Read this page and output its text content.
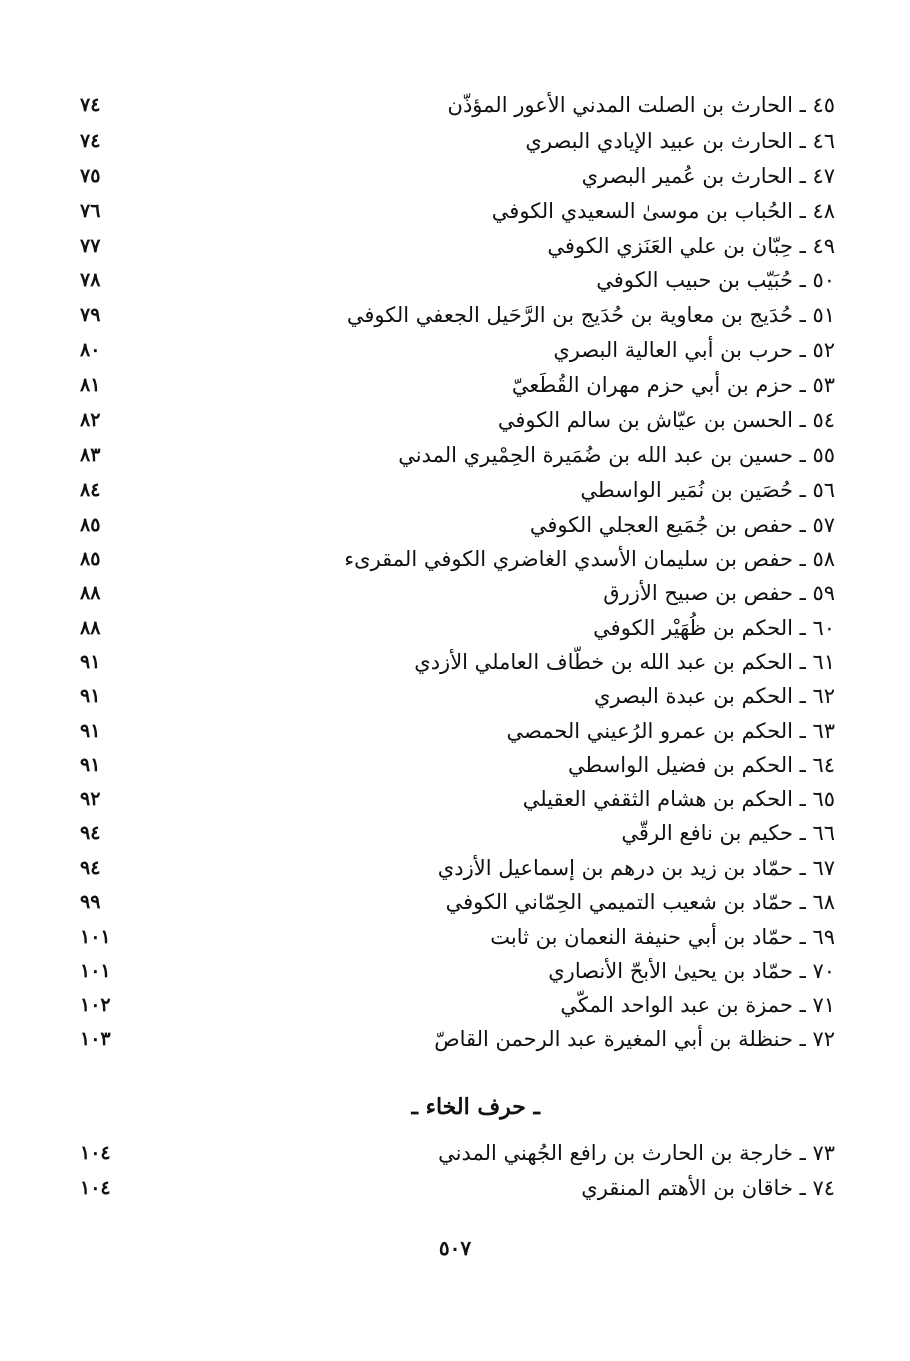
٤٥ ـ الحارث بن الصلت المدني الأعور المؤذّن
٧٤
٤٦ ـ الحارث بن عبيد الإيادي البصري
٧٤
٤٧ ـ الحارث بن عُمير البصري
٧٥
٤٨ ـ الحُباب بن موسىٰ السعيدي الكوفي
٧٦
٤٩ ـ حِبّان بن علي العَنَزي الكوفي
٧٧
٥٠ ـ حُبَيّب بن حبيب الكوفي
٧٨
٥١ ـ حُدَيج بن معاوية بن حُدَيج بن الرَّحَيل الجعفي الكوفي
٧٩
٥٢ ـ حرب بن أبي العالية البصري
٨٠
٥٣ ـ حزم بن أبي حزم مهران القُطَعيّ
٨١
٥٤ ـ الحسن بن عيّاش بن سالم الكوفي
٨٢
٥٥ ـ حسين بن عبد الله بن ضُمَيرة الحِمْيري المدني
٨٣
٥٦ ـ حُصَين بن نُمَير الواسطي
٨٤
٥٧ ـ حفص بن جُمَيع العجلي الكوفي
٨٥
٥٨ ـ حفص بن سليمان الأسدي الغاضري الكوفي المقرىء
٨٥
٥٩ ـ حفص بن صبيح الأزرق
٨٨
٦٠ ـ الحكم بن ظُهَيْر الكوفي
٨٨
٦١ ـ الحكم بن عبد الله بن خطّاف العاملي الأزدي
٩١
٦٢ ـ الحكم بن عبدة البصري
٩١
٦٣ ـ الحكم بن عمرو الرُعيني الحمصي
٩١
٦٤ ـ الحكم بن فضيل الواسطي
٩١
٦٥ ـ الحكم بن هشام الثقفي العقيلي
٩٢
٦٦ ـ حكيم بن نافع الرقّي
٩٤
٦٧ ـ حمّاد بن زيد بن درهم بن إسماعيل الأزدي
٩٤
٦٨ ـ حمّاد بن شعيب التميمي الحِمّاني الكوفي
٩٩
٦٩ ـ حمّاد بن أبي حنيفة النعمان بن ثابت
١٠١
٧٠ ـ حمّاد بن يحيىٰ الأبحّ الأنصاري
١٠١
٧١ ـ حمزة بن عبد الواحد المكّي
١٠٢
٧٢ ـ حنظلة بن أبي المغيرة عبد الرحمن القاصّ
١٠٣
ـ حرف الخاء ـ
٧٣ ـ خارجة بن الحارث بن رافع الجُهني المدني
١٠٤
٧٤ ـ خاقان بن الأهتم المنقري
١٠٤
٥٠٧
